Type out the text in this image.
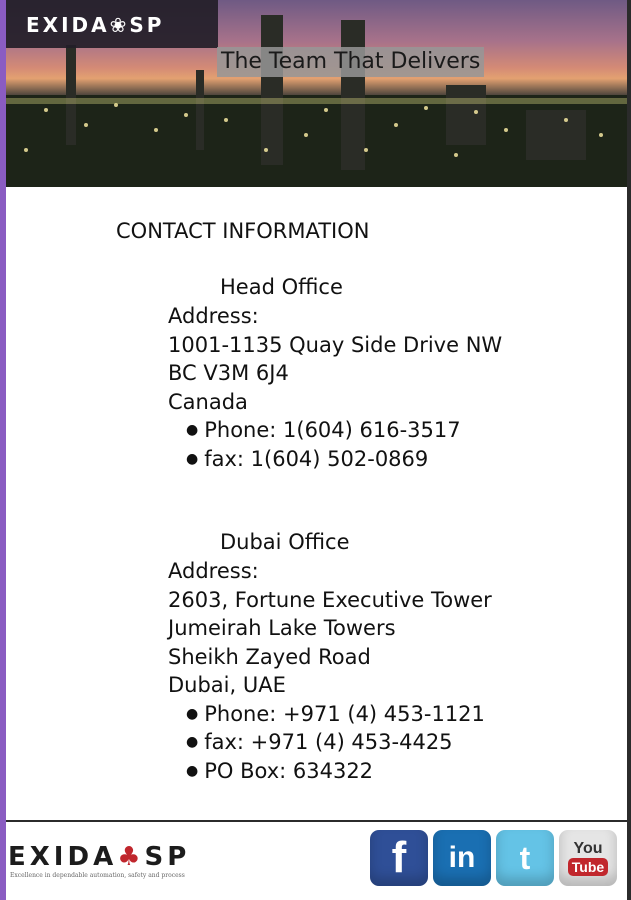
EXIDA❀SP
The Team That Delivers
CONTACT INFORMATION
Head Office
Address:
1001-1135 Quay Side Drive NW
BC V3M 6J4
Canada
● Phone: 1(604) 616-3517
● fax: 1(604) 502-0869
Dubai Office
Address:
2603, Fortune Executive Tower
Jumeirah Lake Towers
Sheikh Zayed Road
Dubai, UAE
● Phone: +971 (4) 453-1121
● fax: +971 (4) 453-4425
● PO Box: 634322
EXIDA♣SP
Excellence in dependable automation, safety and process	f in t	You
Tube
